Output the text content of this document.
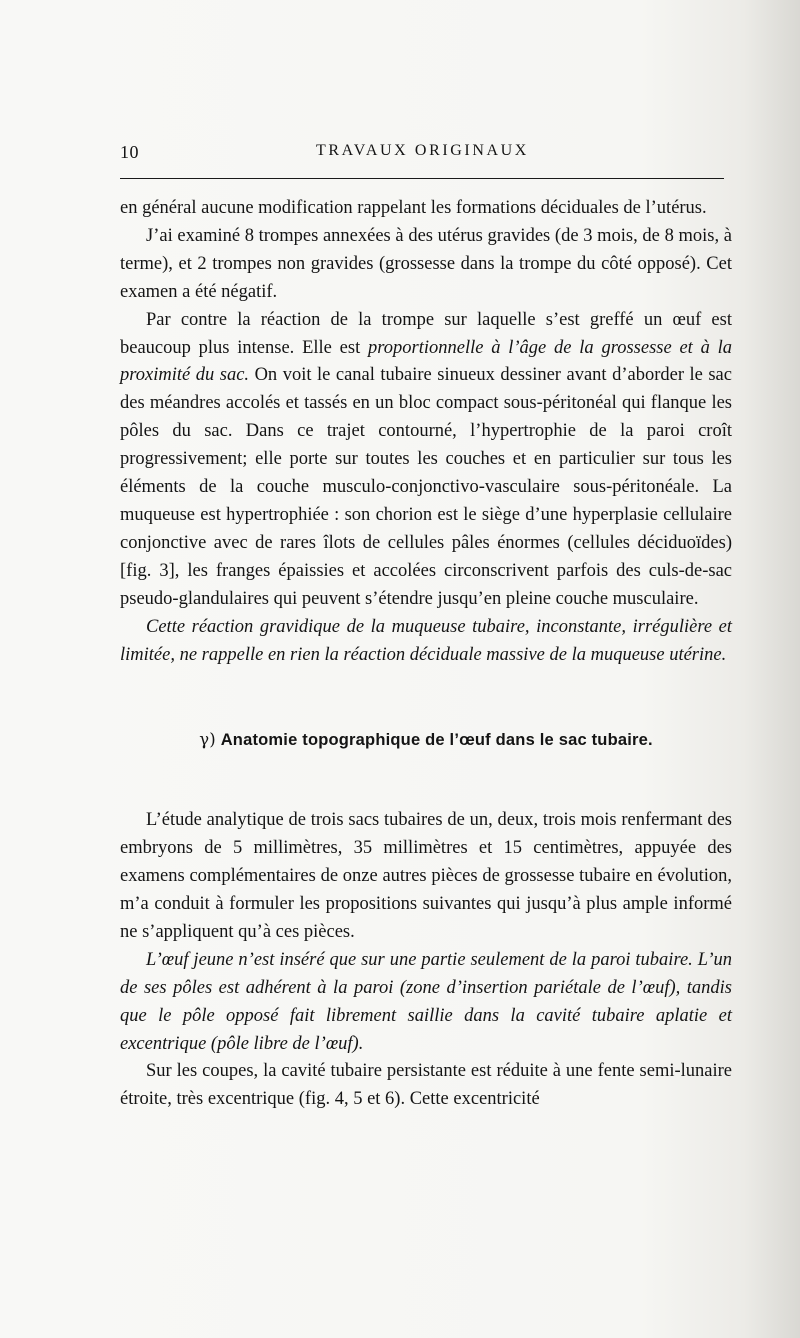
10	TRAVAUX ORIGINAUX

en général aucune modification rappelant les formations déciduales de l’utérus.

J’ai examiné 8 trompes annexées à des utérus gravides (de 3 mois, de 8 mois, à terme), et 2 trompes non gravides (grossesse dans la trompe du côté opposé). Cet examen a été négatif.

Par contre la réaction de la trompe sur laquelle s’est greffé un œuf est beaucoup plus intense. Elle est proportionnelle à l’âge de la grossesse et à la proximité du sac. On voit le canal tubaire sinueux dessiner avant d’aborder le sac des méandres accolés et tassés en un bloc compact sous-péritonéal qui flanque les pôles du sac. Dans ce trajet contourné, l’hypertrophie de la paroi croît progressivement; elle porte sur toutes les couches et en particulier sur tous les éléments de la couche musculo-conjonctivo-vasculaire sous-péritonéale. La muqueuse est hypertrophiée : son chorion est le siège d’une hyperplasie cellulaire conjonctive avec de rares îlots de cellules pâles énormes (cellules déciduoïdes) [fig. 3], les franges épaissies et accolées circonscrivent parfois des culs-de-sac pseudo-glandulaires qui peuvent s’étendre jusqu’en pleine couche musculaire.

Cette réaction gravidique de la muqueuse tubaire, inconstante, irrégulière et limitée, ne rappelle en rien la réaction déciduale massive de la muqueuse utérine.

γ) Anatomie topographique de l’œuf dans le sac tubaire.

L’étude analytique de trois sacs tubaires de un, deux, trois mois renfermant des embryons de 5 millimètres, 35 millimètres et 15 centimètres, appuyée des examens complémentaires de onze autres pièces de grossesse tubaire en évolution, m’a conduit à formuler les propositions suivantes qui jusqu’à plus ample informé ne s’appliquent qu’à ces pièces.

L’œuf jeune n’est inséré que sur une partie seulement de la paroi tubaire. L’un de ses pôles est adhérent à la paroi (zone d’insertion pariétale de l’œuf), tandis que le pôle opposé fait librement saillie dans la cavité tubaire aplatie et excentrique (pôle libre de l’œuf).

Sur les coupes, la cavité tubaire persistante est réduite à une fente semi-lunaire étroite, très excentrique (fig. 4, 5 et 6). Cette excentricité
